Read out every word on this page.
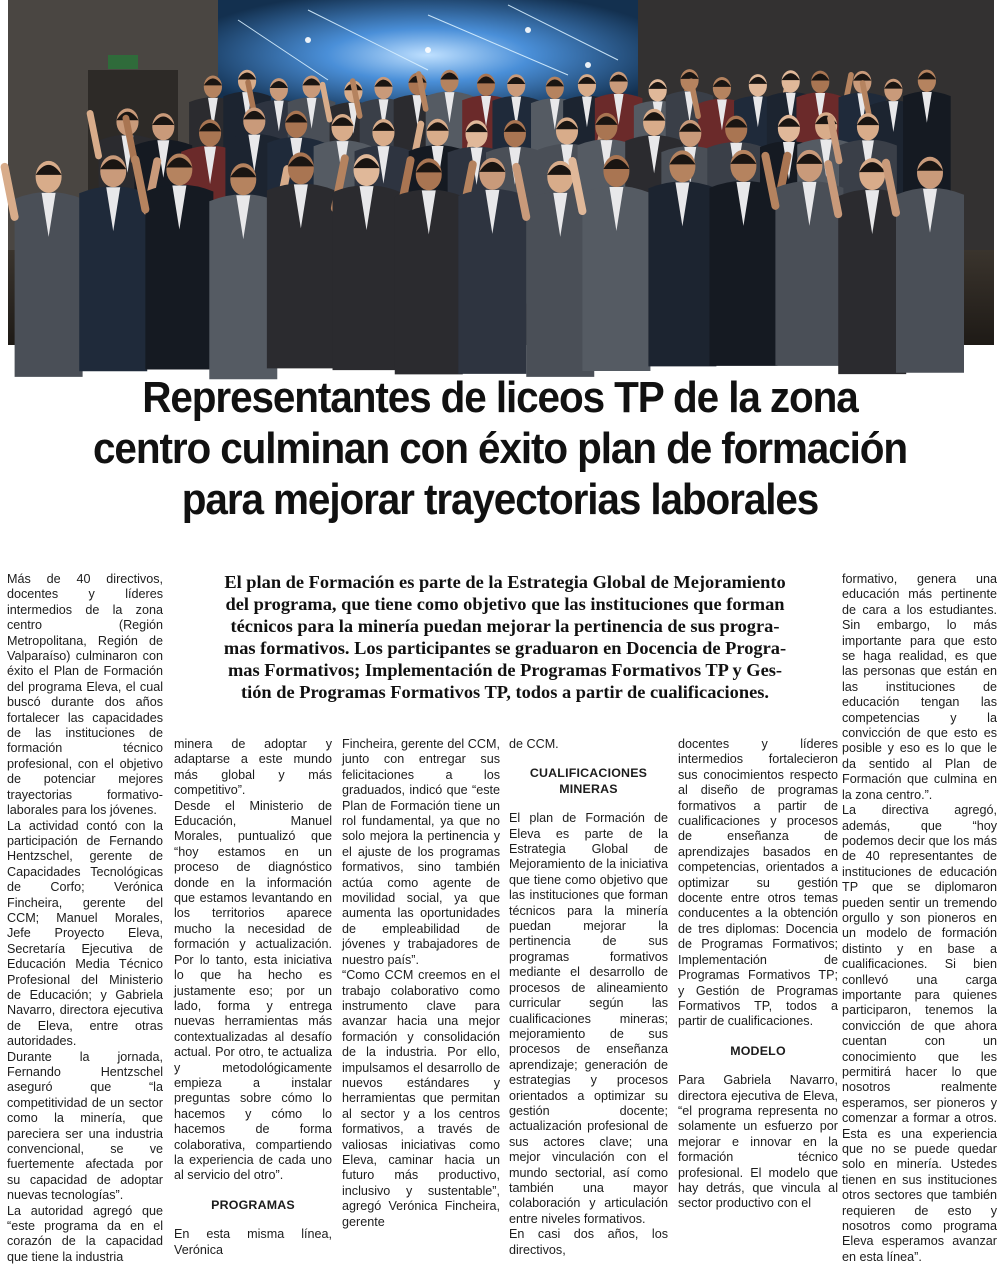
Representantes de liceos TP de la zona
centro culminan con éxito plan de formación
para mejorar trayectorias laborales

Más de 40 directivos, docentes y líderes intermedios de la zona centro (Región Metropolitana, Región de Valparaíso) culminaron con éxito el Plan de Formación del programa Eleva, el cual buscó durante dos años fortalecer las capacidades de las instituciones de formación técnico profesional, con el objetivo de potenciar mejores trayectorias formativo-laborales para los jóvenes.

La actividad contó con la participación de Fernando Hentzschel, gerente de Capacidades Tecnológicas de Corfo; Verónica Fincheira, gerente del CCM; Manuel Morales, Jefe Proyecto Eleva, Secretaría Ejecutiva de Educación Media Técnico Profesional del Ministerio de Educación; y Gabriela Navarro, directora ejecutiva de Eleva, entre otras autoridades.

Durante la jornada, Fernando Hentzschel aseguró que “la competitividad de un sector como la minería, que pareciera ser una industria convencional, se ve fuertemente afectada por su capacidad de adoptar nuevas tecnologías”.

La autoridad agregó que “este programa da en el corazón de la capacidad que tiene la industria

El plan de Formación es parte de la Estrategia Global de Mejoramiento
del programa, que tiene como objetivo que las instituciones que forman
técnicos para la minería puedan mejorar la pertinencia de sus progra-
mas formativos. Los participantes se graduaron en Docencia de Progra-
mas Formativos; Implementación de Programas Formativos TP y Ges-
tión de Programas Formativos TP, todos a partir de cualificaciones.

minera de adoptar y adaptarse a este mundo más global y más competitivo”.

Desde el Ministerio de Educación, Manuel Morales, puntualizó que “hoy estamos en un proceso de diagnóstico donde en la información que estamos levantando en los territorios aparece mucho la necesidad de formación y actualización. Por lo tanto, esta iniciativa lo que ha hecho es justamente eso; por un lado, forma y entrega nuevas herramientas más contextualizadas al desafío actual. Por otro, te actualiza y metodológicamente empieza a instalar preguntas sobre cómo lo hacemos y cómo lo hacemos de forma colaborativa, compartiendo la experiencia de cada uno al servicio del otro”.

PROGRAMAS

En esta misma línea, Verónica

Fincheira, gerente del CCM, junto con entregar sus felicitaciones a los graduados, indicó que “este Plan de Formación tiene un rol fundamental, ya que no solo mejora la pertinencia y el ajuste de los programas formativos, sino también actúa como agente de movilidad social, ya que aumenta las oportunidades de empleabilidad de jóvenes y trabajadores de nuestro país”.

“Como CCM creemos en el trabajo colaborativo como instrumento clave para avanzar hacia una mejor formación y consolidación de la industria. Por ello, impulsamos el desarrollo de nuevos estándares y herramientas que permitan al sector y a los centros formativos, a través de valiosas iniciativas como Eleva, caminar hacia un futuro más productivo, inclusivo y sustentable”, agregó Verónica Fincheira, gerente

de CCM.

CUALIFICACIONES MINERAS

El plan de Formación de Eleva es parte de la Estrategia Global de Mejoramiento de la iniciativa que tiene como objetivo que las instituciones que forman técnicos para la minería puedan mejorar la pertinencia de sus programas formativos mediante el desarrollo de procesos de alineamiento curricular según las cualificaciones mineras; mejoramiento de sus procesos de enseñanza aprendizaje; generación de estrategias y procesos orientados a optimizar su gestión docente; actualización profesional de sus actores clave; una mejor vinculación con el mundo sectorial, así como también una mayor colaboración y articulación entre niveles formativos.

En casi dos años, los directivos,

docentes y líderes intermedios fortalecieron sus conocimientos respecto al diseño de programas formativos a partir de cualificaciones y procesos de enseñanza de aprendizajes basados en competencias, orientados a optimizar su gestión docente entre otros temas conducentes a la obtención de tres diplomas: Docencia de Programas Formativos; Implementación de Programas Formativos TP; y Gestión de Programas Formativos TP, todos a partir de cualificaciones.

MODELO

Para Gabriela Navarro, directora ejecutiva de Eleva, “el programa representa no solamente un esfuerzo por mejorar e innovar en la formación técnico profesional. El modelo que hay detrás, que vincula al sector productivo con el

formativo, genera una educación más pertinente de cara a los estudiantes. Sin embargo, lo más importante para que esto se haga realidad, es que las personas que están en las instituciones de educación tengan las competencias y la convicción de que esto es posible y eso es lo que le da sentido al Plan de Formación que culmina en la zona centro.”.

La directiva agregó, además, que “hoy podemos decir que los más de 40 representantes de instituciones de educación TP que se diplomaron pueden sentir un tremendo orgullo y son pioneros en un modelo de formación distinto y en base a cualificaciones. Si bien conllevó una carga importante para quienes participaron, tenemos la convicción de que ahora cuentan con un conocimiento que les permitirá hacer lo que nosotros realmente esperamos, ser pioneros y comenzar a formar a otros. Esta es una experiencia que no se puede quedar solo en minería. Ustedes tienen en sus instituciones otros sectores que también requieren de esto y nosotros como programa Eleva esperamos avanzar en esta línea”.
